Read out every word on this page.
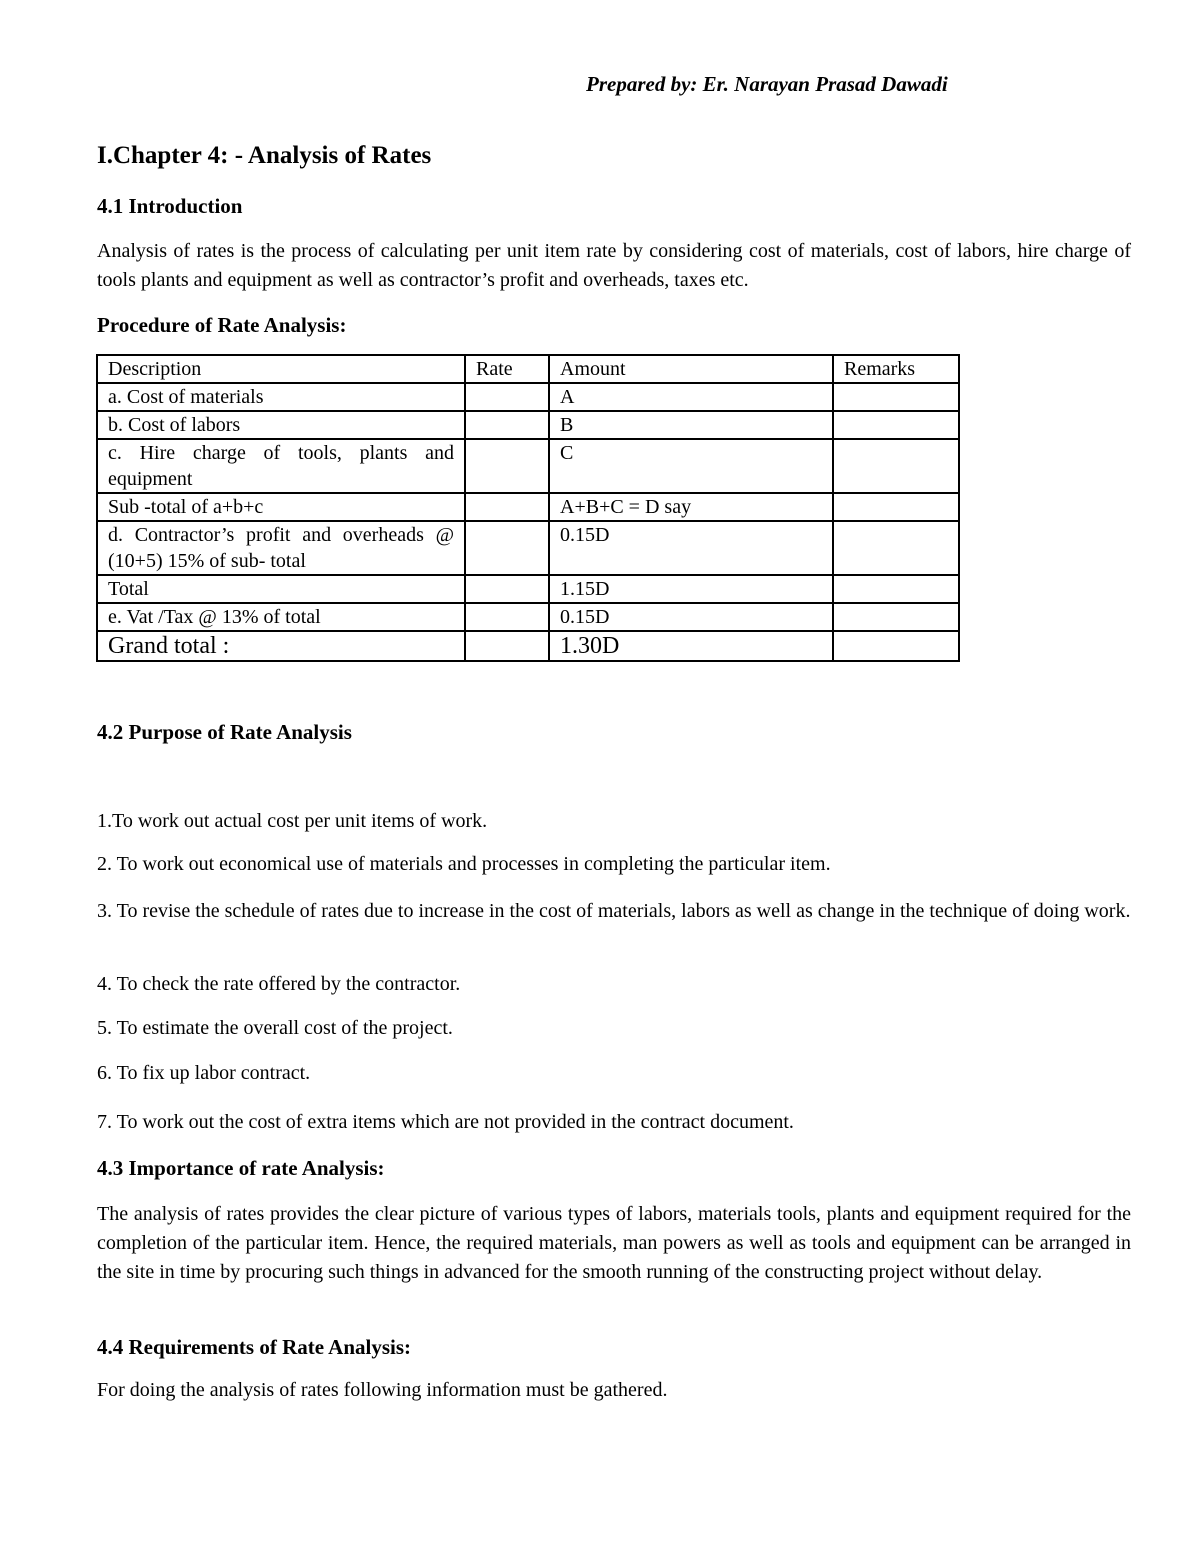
Prepared by: Er. Narayan Prasad Dawadi
I.Chapter 4: - Analysis of Rates
4.1 Introduction
Analysis of rates is the process of calculating per unit item rate by considering cost of materials, cost of labors, hire charge of tools plants and equipment as well as contractor’s profit and overheads, taxes etc.
Procedure of Rate Analysis:
Description	Rate	Amount	Remarks
a. Cost of materials		A	
b. Cost of labors		B	
c. Hire charge of tools, plants and equipment		C	
Sub -total of a+b+c		A+B+C = D say	
d. Contractor’s profit and overheads @ (10+5) 15% of sub- total		0.15D	
Total		1.15D	
e. Vat /Tax @ 13% of total		0.15D	
Grand total :		1.30D	
4.2 Purpose of Rate Analysis
1.To work out actual cost per unit items of work.
2. To work out economical use of materials and processes in completing the particular item.
3. To revise the schedule of rates due to increase in the cost of materials, labors as well as change in the technique of doing work.
4. To check the rate offered by the contractor.
5. To estimate the overall cost of the project.
6. To fix up labor contract.
7. To work out the cost of extra items which are not provided in the contract document.
4.3 Importance of rate Analysis:
The analysis of rates provides the clear picture of various types of labors, materials tools, plants and equipment required for the completion of the particular item. Hence, the required materials, man powers as well as tools and equipment can be arranged in the site in time by procuring such things in advanced for the smooth running of the constructing project without delay.
4.4 Requirements of Rate Analysis:
For doing the analysis of rates following information must be gathered.
